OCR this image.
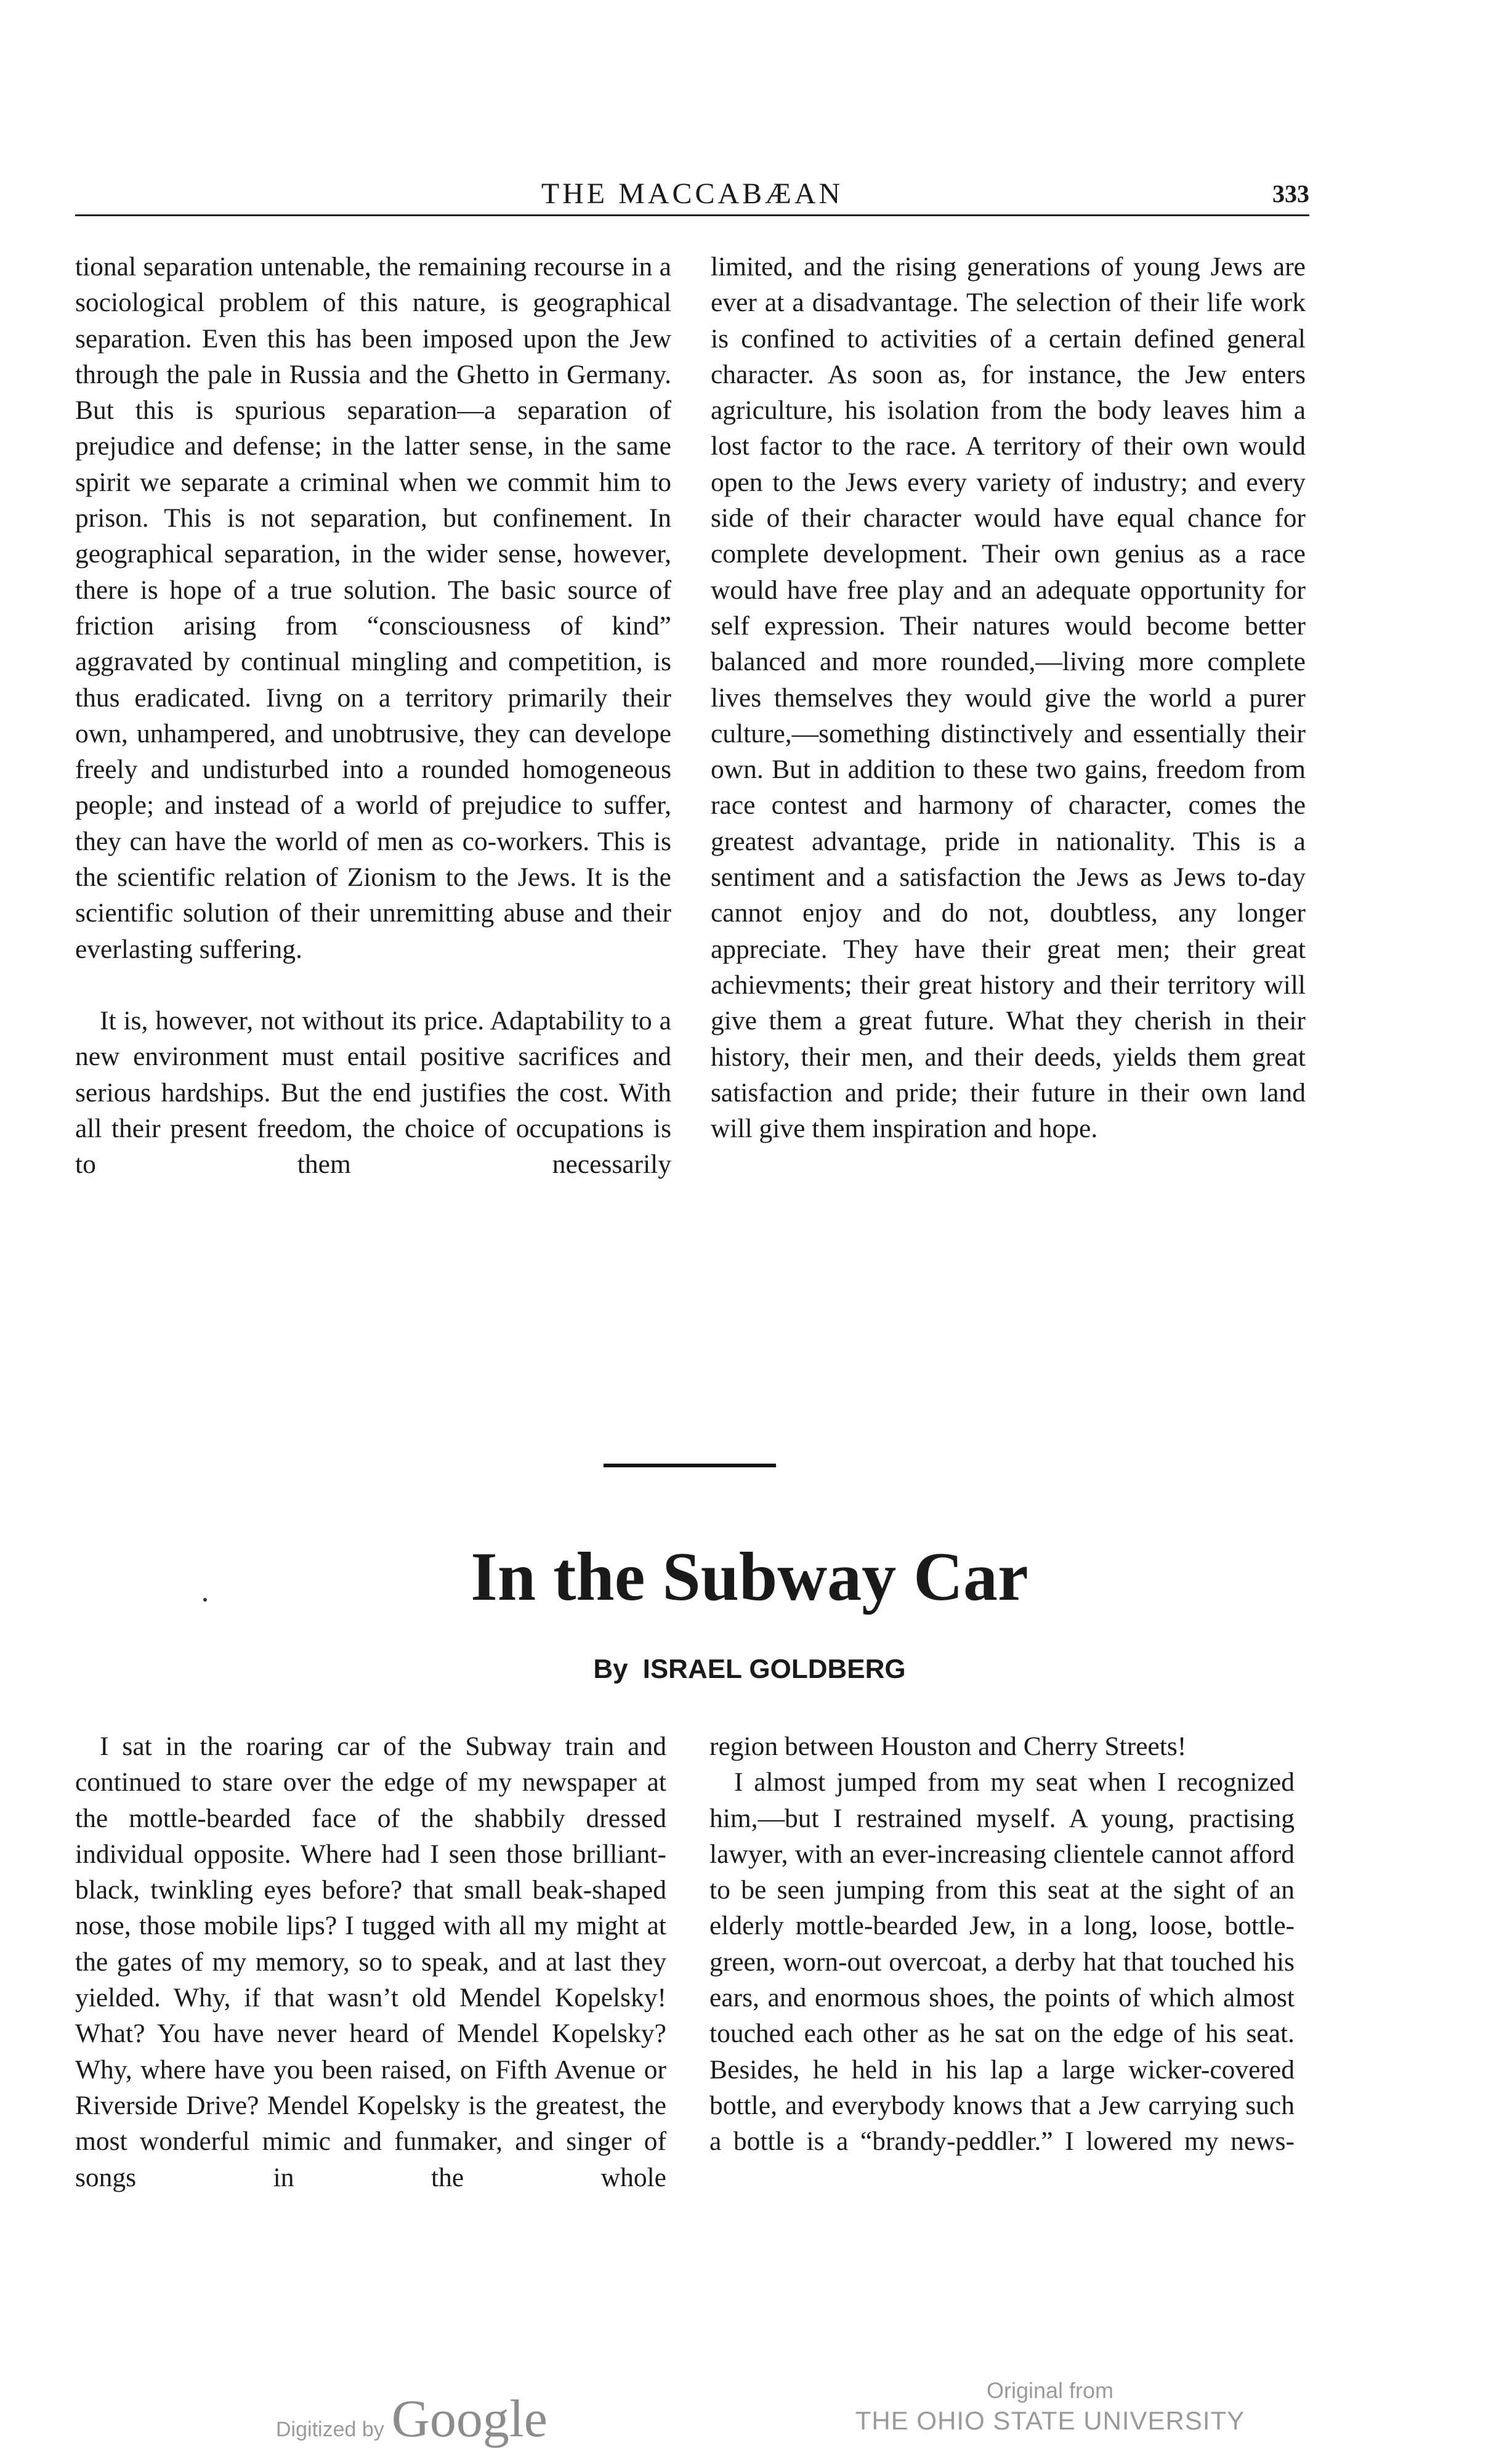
THE MACCABÆAN	333

tional separation untenable, the remaining recourse in a sociological problem of this nature, is geographical separation. Even this has been imposed upon the Jew through the pale in Russia and the Ghetto in Germany. But this is spurious separation—a separation of prejudice and defense; in the latter sense, in the same spirit we separate a criminal when we commit him to prison. This is not separation, but confinement. In geographical separation, in the wider sense, however, there is hope of a true solution. The basic source of friction arising from “consciousness of kind” aggravated by continual mingling and competition, is thus eradicated. Iivng on a territory primarily their own, unhampered, and unobtrusive, they can develope freely and undisturbed into a rounded homogeneous people; and instead of a world of prejudice to suffer, they can have the world of men as co-workers. This is the scientific relation of Zionism to the Jews. It is the scientific solution of their unremitting abuse and their everlasting suffering.

It is, however, not without its price. Adaptability to a new environment must entail positive sacrifices and serious hardships. But the end justifies the cost. With all their present freedom, the choice of occupations is to them necessarily

limited, and the rising generations of young Jews are ever at a disadvantage. The selection of their life work is confined to activities of a certain defined general character. As soon as, for instance, the Jew enters agriculture, his isolation from the body leaves him a lost factor to the race. A territory of their own would open to the Jews every variety of industry; and every side of their character would have equal chance for complete development. Their own genius as a race would have free play and an adequate opportunity for self expression. Their natures would become better balanced and more rounded,—living more complete lives themselves they would give the world a purer culture,—something distinctively and essentially their own. But in addition to these two gains, freedom from race contest and harmony of character, comes the greatest advantage, pride in nationality. This is a sentiment and a satisfaction the Jews as Jews to-day cannot enjoy and do not, doubtless, any longer appreciate. They have their great men; their great achievments; their great history and their territory will give them a great future. What they cherish in their history, their men, and their deeds, yields them great satisfaction and pride; their future in their own land will give them inspiration and hope.

In the Subway Car
By ISRAEL GOLDBERG

I sat in the roaring car of the Subway train and continued to stare over the edge of my newspaper at the mottle-bearded face of the shabbily dressed individual opposite. Where had I seen those brilliant-black, twinkling eyes before? that small beak-shaped nose, those mobile lips? I tugged with all my might at the gates of my memory, so to speak, and at last they yielded. Why, if that wasn’t old Mendel Kopelsky! What? You have never heard of Mendel Kopelsky? Why, where have you been raised, on Fifth Avenue or Riverside Drive? Mendel Kopelsky is the greatest, the most wonderful mimic and funmaker, and singer of songs in the whole

region between Houston and Cherry Streets!

I almost jumped from my seat when I recognized him,—but I restrained myself. A young, practising lawyer, with an ever-increasing clientele cannot afford to be seen jumping from this seat at the sight of an elderly mottle-bearded Jew, in a long, loose, bottle-green, worn-out overcoat, a derby hat that touched his ears, and enormous shoes, the points of which almost touched each other as he sat on the edge of his seat. Besides, he held in his lap a large wicker-covered bottle, and everybody knows that a Jew carrying such a bottle is a “brandy-peddler.” I lowered my news-

Digitized by Google	Original from
THE OHIO STATE UNIVERSITY
